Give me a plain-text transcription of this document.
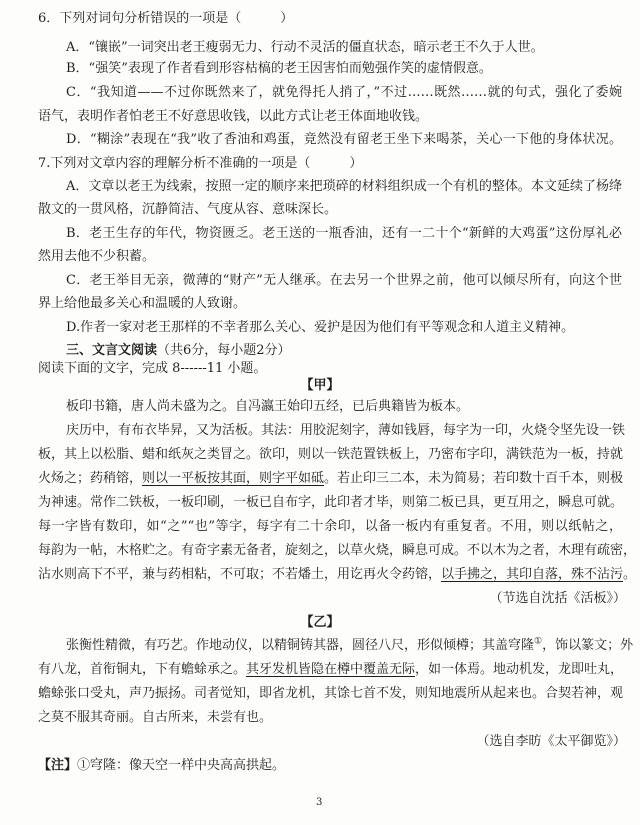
6．下列对词句分析错误的一项是（　　　）
A．“镶嵌”一词突出老王瘦弱无力、行动不灵活的僵直状态，暗示老王不久于人世。
B．“强笑”表现了作者看到形容枯槁的老王因害怕而勉强作笑的虚情假意。
C．“我知道——不过你既然来了，就免得托人捎了，”不过……既然……就的句式，强化了委婉
语气，表明作者怕老王不好意思收钱，以此方式让老王体面地收钱。
D．“糊涂”表现在“我”收了香油和鸡蛋，竟然没有留老王坐下来喝茶，关心一下他的身体状况。
7.下列对文章内容的理解分析不准确的一项是（　　　）
A．文章以老王为线索，按照一定的顺序来把琐碎的材料组织成一个有机的整体。本文延续了杨绛
散文的一贯风格，沉静简洁、气度从容、意味深长。
B．老王生存的年代，物资匮乏。老王送的一瓶香油，还有一二十个“新鲜的大鸡蛋”这份厚礼必
然用去他不少积蓄。
C．老王举目无亲，微薄的“财产”无人继承。在去另一个世界之前，他可以倾尽所有，向这个世
界上给他最多关心和温暖的人致谢。
D.作者一家对老王那样的不幸者那么关心、爱护是因为他们有平等观念和人道主义精神。
三、文言文阅读（共6分，每小题2分）
阅读下面的文字，完成 8------11 小题。
【甲】
板印书籍，唐人尚未盛为之。自冯瀛王始印五经，已后典籍皆为板本。
庆历中，有布衣毕昇，又为活板。其法：用胶泥刻字，薄如钱唇，每字为一印，火烧令坚先设一铁
板，其上以松脂、蜡和纸灰之类冒之。欲印，则以一铁范置铁板上，乃密布字印，满铁范为一板，持就
火炀之；药稍镕，则以一平板按其面，则字平如砥。若止印三二本，未为简易；若印数十百千本，则极
为神速。常作二铁板，一板印刷，一板已自布字，此印者才毕，则第二板已具，更互用之，瞬息可就。
每一字皆有数印，如“之”“也”等字，每字有二十余印，以备一板内有重复者。不用，则以纸帖之，
每韵为一帖，木格贮之。有奇字素无备者，旋刻之，以草火烧，瞬息可成。不以木为之者，木理有疏密，
沾水则高下不平，兼与药相粘，不可取；不若燔土，用讫再火令药镕，以手拂之，其印自落，殊不沾污。
（节选自沈括《活板》）
【乙】
张衡性精微，有巧艺。作地动仪，以精铜铸其器，圆径八尺，形似倾樽；其盖穹隆①，饰以篆文；外
有八龙，首衔铜丸，下有蟾蜍承之。其牙发机皆隐在樽中覆盖无际，如一体焉。地动机发，龙即吐丸，
蟾蜍张口受丸，声乃振扬。司者觉知，即省龙机，其馀七首不发，则知地震所从起来也。合契若神，观
之莫不服其奇丽。自古所来，未尝有也。
（选自李昉《太平御览》）
【注】①穹隆：像天空一样中央高高拱起。
3
